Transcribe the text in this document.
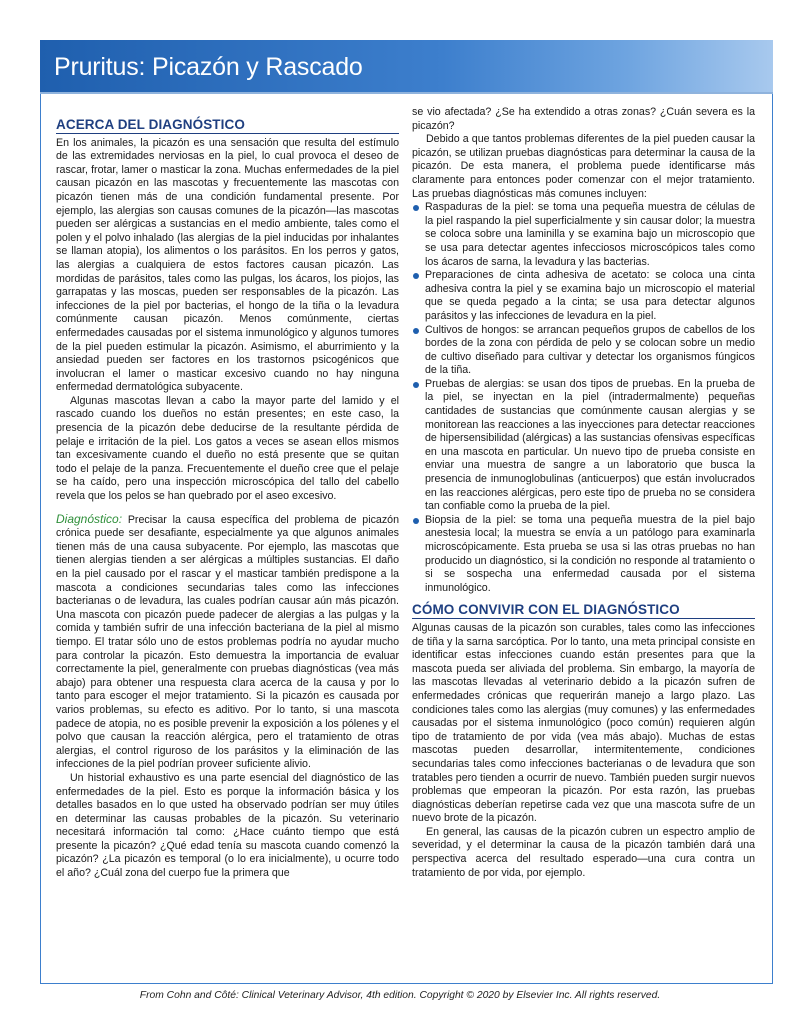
Pruritus: Picazón y Rascado
ACERCA DEL DIAGNÓSTICO

En los animales, la picazón es una sensación que resulta del estímulo de las extremidades nerviosas en la piel, lo cual provoca el deseo de rascar, frotar, lamer o masticar la zona. Muchas enfermedades de la piel causan picazón en las mascotas y frecuentemente las mascotas con picazón tienen más de una condición fundamental presente. Por ejemplo, las alergias son causas comunes de la picazón—las mascotas pueden ser alérgicas a sustancias en el medio ambiente, tales como el polen y el polvo inhalado (las alergias de la piel inducidas por inhalantes se llaman atopia), los alimentos o los parásitos. En los perros y gatos, las alergias a cualquiera de estos factores causan picazón. Las mordidas de parásitos, tales como las pulgas, los ácaros, los piojos, las garrapatas y las moscas, pueden ser responsables de la picazón. Las infecciones de la piel por bacterias, el hongo de la tiña o la levadura comúnmente causan picazón. Menos comúnmente, ciertas enfermedades causadas por el sistema inmunológico y algunos tumores de la piel pueden estimular la picazón. Asimismo, el aburrimiento y la ansiedad pueden ser factores en los trastornos psicogénicos que involucran el lamer o masticar excesivo cuando no hay ninguna enfermedad dermatológica subyacente.

Algunas mascotas llevan a cabo la mayor parte del lamido y el rascado cuando los dueños no están presentes; en este caso, la presencia de la picazón debe deducirse de la resultante pérdida de pelaje e irritación de la piel. Los gatos a veces se asean ellos mismos tan excesivamente cuando el dueño no está presente que se quitan todo el pelaje de la panza. Frecuentemente el dueño cree que el pelaje se ha caído, pero una inspección microscópica del tallo del cabello revela que los pelos se han quebrado por el aseo excesivo.

Diagnóstico: Precisar la causa específica del problema de picazón crónica puede ser desafiante, especialmente ya que algunos animales tienen más de una causa subyacente. Por ejemplo, las mascotas que tienen alergias tienden a ser alérgicas a múltiples sustancias. El daño en la piel causado por el rascar y el masticar también predispone a la mascota a condiciones secundarias tales como las infecciones bacterianas o de levadura, las cuales podrían causar aún más picazón. Una mascota con picazón puede padecer de alergias a las pulgas y la comida y también sufrir de una infección bacteriana de la piel al mismo tiempo. El tratar sólo uno de estos problemas podría no ayudar mucho para controlar la picazón. Esto demuestra la importancia de evaluar correctamente la piel, generalmente con pruebas diagnósticas (vea más abajo) para obtener una respuesta clara acerca de la causa y por lo tanto para escoger el mejor tratamiento. Si la picazón es causada por varios problemas, su efecto es aditivo. Por lo tanto, si una mascota padece de atopia, no es posible prevenir la exposición a los pólenes y el polvo que causan la reacción alérgica, pero el tratamiento de otras alergias, el control riguroso de los parásitos y la eliminación de las infecciones de la piel podrían proveer suficiente alivio.

Un historial exhaustivo es una parte esencial del diagnóstico de las enfermedades de la piel. Esto es porque la información básica y los detalles basados en lo que usted ha observado podrían ser muy útiles en determinar las causas probables de la picazón. Su veterinario necesitará información tal como: ¿Hace cuánto tiempo que está presente la picazón? ¿Qué edad tenía su mascota cuando comenzó la picazón? ¿La picazón es temporal (o lo era inicialmente), u ocurre todo el año? ¿Cuál zona del cuerpo fue la primera que

se vio afectada? ¿Se ha extendido a otras zonas? ¿Cuán severa es la picazón?

Debido a que tantos problemas diferentes de la piel pueden causar la picazón, se utilizan pruebas diagnósticas para determinar la causa de la picazón. De esta manera, el problema puede identificarse más claramente para entonces poder comenzar con el mejor tratamiento. Las pruebas diagnósticas más comunes incluyen:

Raspaduras de la piel: se toma una pequeña muestra de células de la piel raspando la piel superficialmente y sin causar dolor; la muestra se coloca sobre una laminilla y se examina bajo un microscopio que se usa para detectar agentes infecciosos microscópicos tales como los ácaros de sarna, la levadura y las bacterias.
Preparaciones de cinta adhesiva de acetato: se coloca una cinta adhesiva contra la piel y se examina bajo un microscopio el material que se queda pegado a la cinta; se usa para detectar algunos parásitos y las infecciones de levadura en la piel.
Cultivos de hongos: se arrancan pequeños grupos de cabellos de los bordes de la zona con pérdida de pelo y se colocan sobre un medio de cultivo diseñado para cultivar y detectar los organismos fúngicos de la tiña.
Pruebas de alergias: se usan dos tipos de pruebas. En la prueba de la piel, se inyectan en la piel (intradermalmente) pequeñas cantidades de sustancias que comúnmente causan alergias y se monitorean las reacciones a las inyecciones para detectar reacciones de hipersensibilidad (alérgicas) a las sustancias ofensivas específicas en una mascota en particular. Un nuevo tipo de prueba consiste en enviar una muestra de sangre a un laboratorio que busca la presencia de inmunoglobulinas (anticuerpos) que están involucrados en las reacciones alérgicas, pero este tipo de prueba no se considera tan confiable como la prueba de la piel.
Biopsia de la piel: se toma una pequeña muestra de la piel bajo anestesia local; la muestra se envía a un patólogo para examinarla microscópicamente. Esta prueba se usa si las otras pruebas no han producido un diagnóstico, si la condición no responde al tratamiento o si se sospecha una enfermedad causada por el sistema inmunológico.
CÓMO CONVIVIR CON EL DIAGNÓSTICO

Algunas causas de la picazón son curables, tales como las infecciones de tiña y la sarna sarcóptica. Por lo tanto, una meta principal consiste en identificar estas infecciones cuando están presentes para que la mascota pueda ser aliviada del problema. Sin embargo, la mayoría de las mascotas llevadas al veterinario debido a la picazón sufren de enfermedades crónicas que requerirán manejo a largo plazo. Las condiciones tales como las alergias (muy comunes) y las enfermedades causadas por el sistema inmunológico (poco común) requieren algún tipo de tratamiento de por vida (vea más abajo). Muchas de estas mascotas pueden desarrollar, intermitentemente, condiciones secundarias tales como infecciones bacterianas o de levadura que son tratables pero tienden a ocurrir de nuevo. También pueden surgir nuevos problemas que empeoran la picazón. Por esta razón, las pruebas diagnósticas deberían repetirse cada vez que una mascota sufre de un nuevo brote de la picazón.

En general, las causas de la picazón cubren un espectro amplio de severidad, y el determinar la causa de la picazón también dará una perspectiva acerca del resultado esperado—una cura contra un tratamiento de por vida, por ejemplo.

From Cohn and Côté: Clinical Veterinary Advisor, 4th edition. Copyright © 2020 by Elsevier Inc. All rights reserved.
